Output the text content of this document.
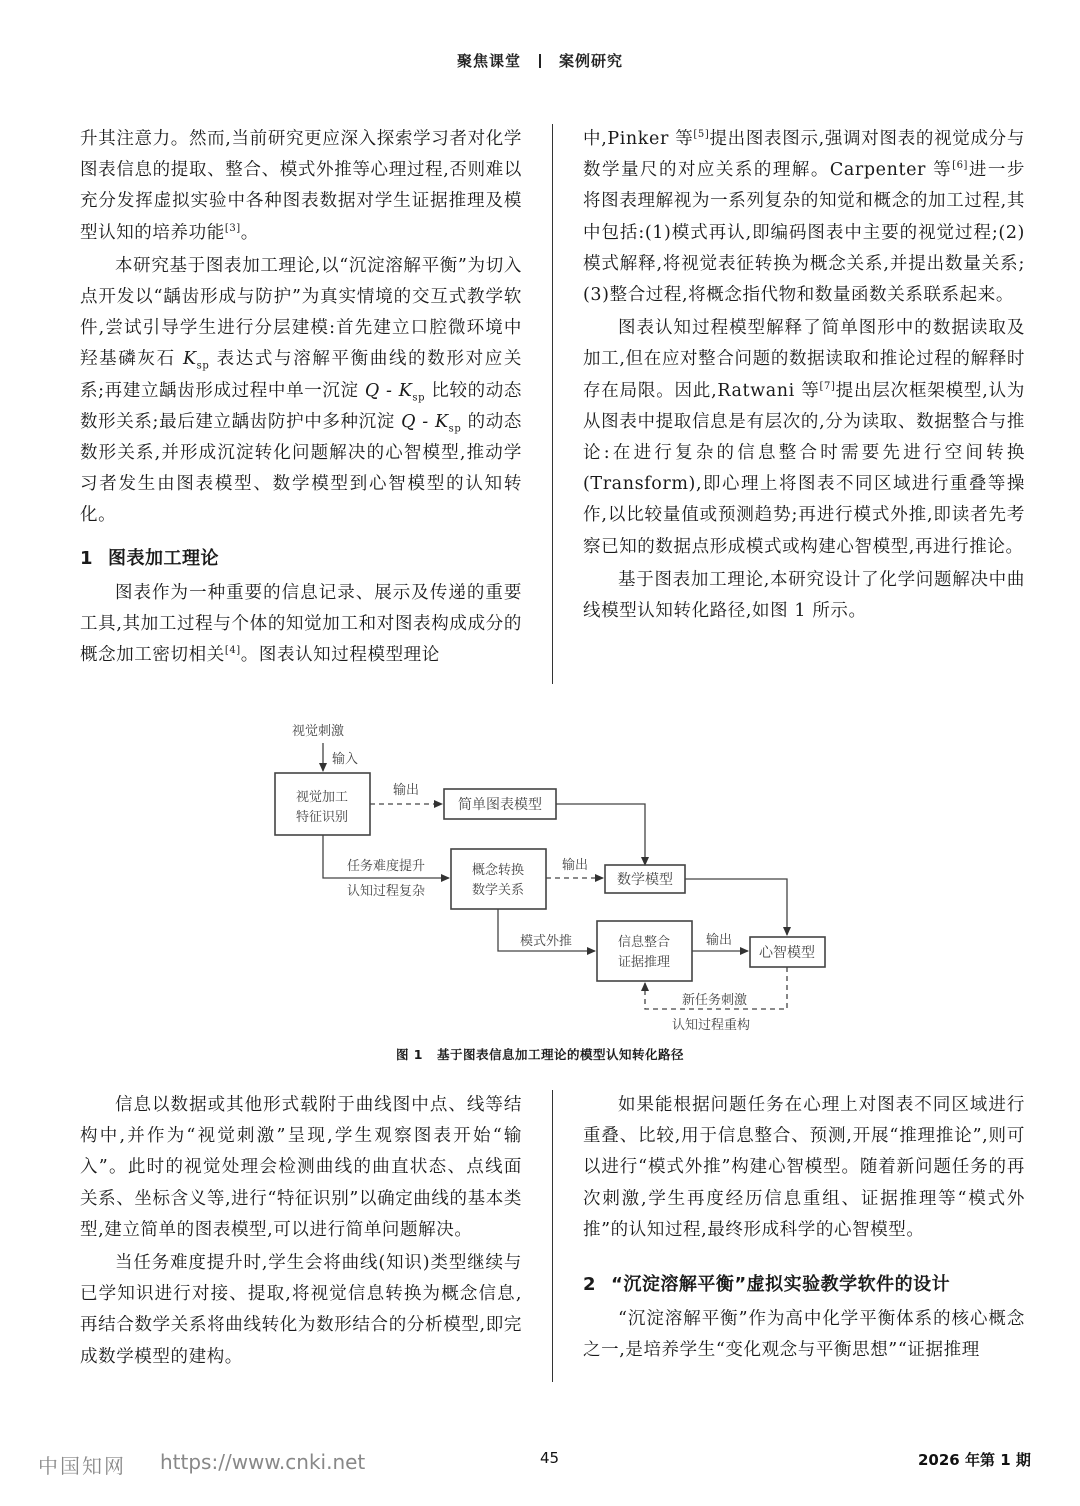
聚焦课堂	案例研究

升其注意力。然而,当前研究更应深入探索学习者对化学图表信息的提取、整合、模式外推等心理过程,否则难以充分发挥虚拟实验中各种图表数据对学生证据推理及模型认知的培养功能[3]。

本研究基于图表加工理论,以“沉淀溶解平衡”为切入点开发以“龋齿形成与防护”为真实情境的交互式教学软件,尝试引导学生进行分层建模:首先建立口腔微环境中羟基磷灰石 $K_{sp}$ 表达式与溶解平衡曲线的数形对应关系;再建立龋齿形成过程中单一沉淀 Q - $K_{sp}$ 比较的动态数形关系;最后建立龋齿防护中多种沉淀 Q - $K_{sp}$ 的动态数形关系,并形成沉淀转化问题解决的心智模型,推动学习者发生由图表模型、数学模型到心智模型的认知转化。

1 图表加工理论

图表作为一种重要的信息记录、展示及传递的重要工具,其加工过程与个体的知觉加工和对图表构成成分的概念加工密切相关[4]。图表认知过程模型理论

中,Pinker 等[5]提出图表图示,强调对图表的视觉成分与数学量尺的对应关系的理解。Carpenter 等[6]进一步将图表理解视为一系列复杂的知觉和概念的加工过程,其中包括:(1)模式再认,即编码图表中主要的视觉过程;(2)模式解释,将视觉表征转换为概念关系,并提出数量关系;(3)整合过程,将概念指代物和数量函数关系联系起来。

图表认知过程模型解释了简单图形中的数据读取及加工,但在应对整合问题的数据读取和推论过程的解释时存在局限。因此,Ratwani 等[7]提出层次框架模型,认为从图表中提取信息是有层次的,分为读取、数据整合与推论:在进行复杂的信息整合时需要先进行空间转换(Transform),即心理上将图表不同区域进行重叠等操作,以比较量值或预测趋势;再进行模式外推,即读者先考察已知的数据点形成模式或构建心智模型,再进行推论。

基于图表加工理论,本研究设计了化学问题解决中曲线模型认知转化路径,如图 1 所示。

视觉刺激
输入
视觉加工
特征识别
输出
简单图表模型
任务难度提升
认知过程复杂
概念转换
数学关系
输出
数学模型
模式外推	信息整合
证据推理
输出
心智模型
新任务刺激
认知过程重构
图 1 基于图表信息加工理论的模型认知转化路径

信息以数据或其他形式载附于曲线图中点、线等结构中,并作为“视觉刺激”呈现,学生观察图表开始“输入”。此时的视觉处理会检测曲线的曲直状态、点线面关系、坐标含义等,进行“特征识别”以确定曲线的基本类型,建立简单的图表模型,可以进行简单问题解决。

当任务难度提升时,学生会将曲线(知识)类型继续与已学知识进行对接、提取,将视觉信息转换为概念信息,再结合数学关系将曲线转化为数形结合的分析模型,即完成数学模型的建构。

如果能根据问题任务在心理上对图表不同区域进行重叠、比较,用于信息整合、预测,开展“推理推论”,则可以进行“模式外推”构建心智模型。随着新问题任务的再次刺激,学生再度经历信息重组、证据推理等“模式外推”的认知过程,最终形成科学的心智模型。

2 “沉淀溶解平衡”虚拟实验教学软件的设计

“沉淀溶解平衡”作为高中化学平衡体系的核心概念之一,是培养学生“变化观念与平衡思想”“证据推理

中国知网 https://www.cnki.net	45	2026 年第 1 期
